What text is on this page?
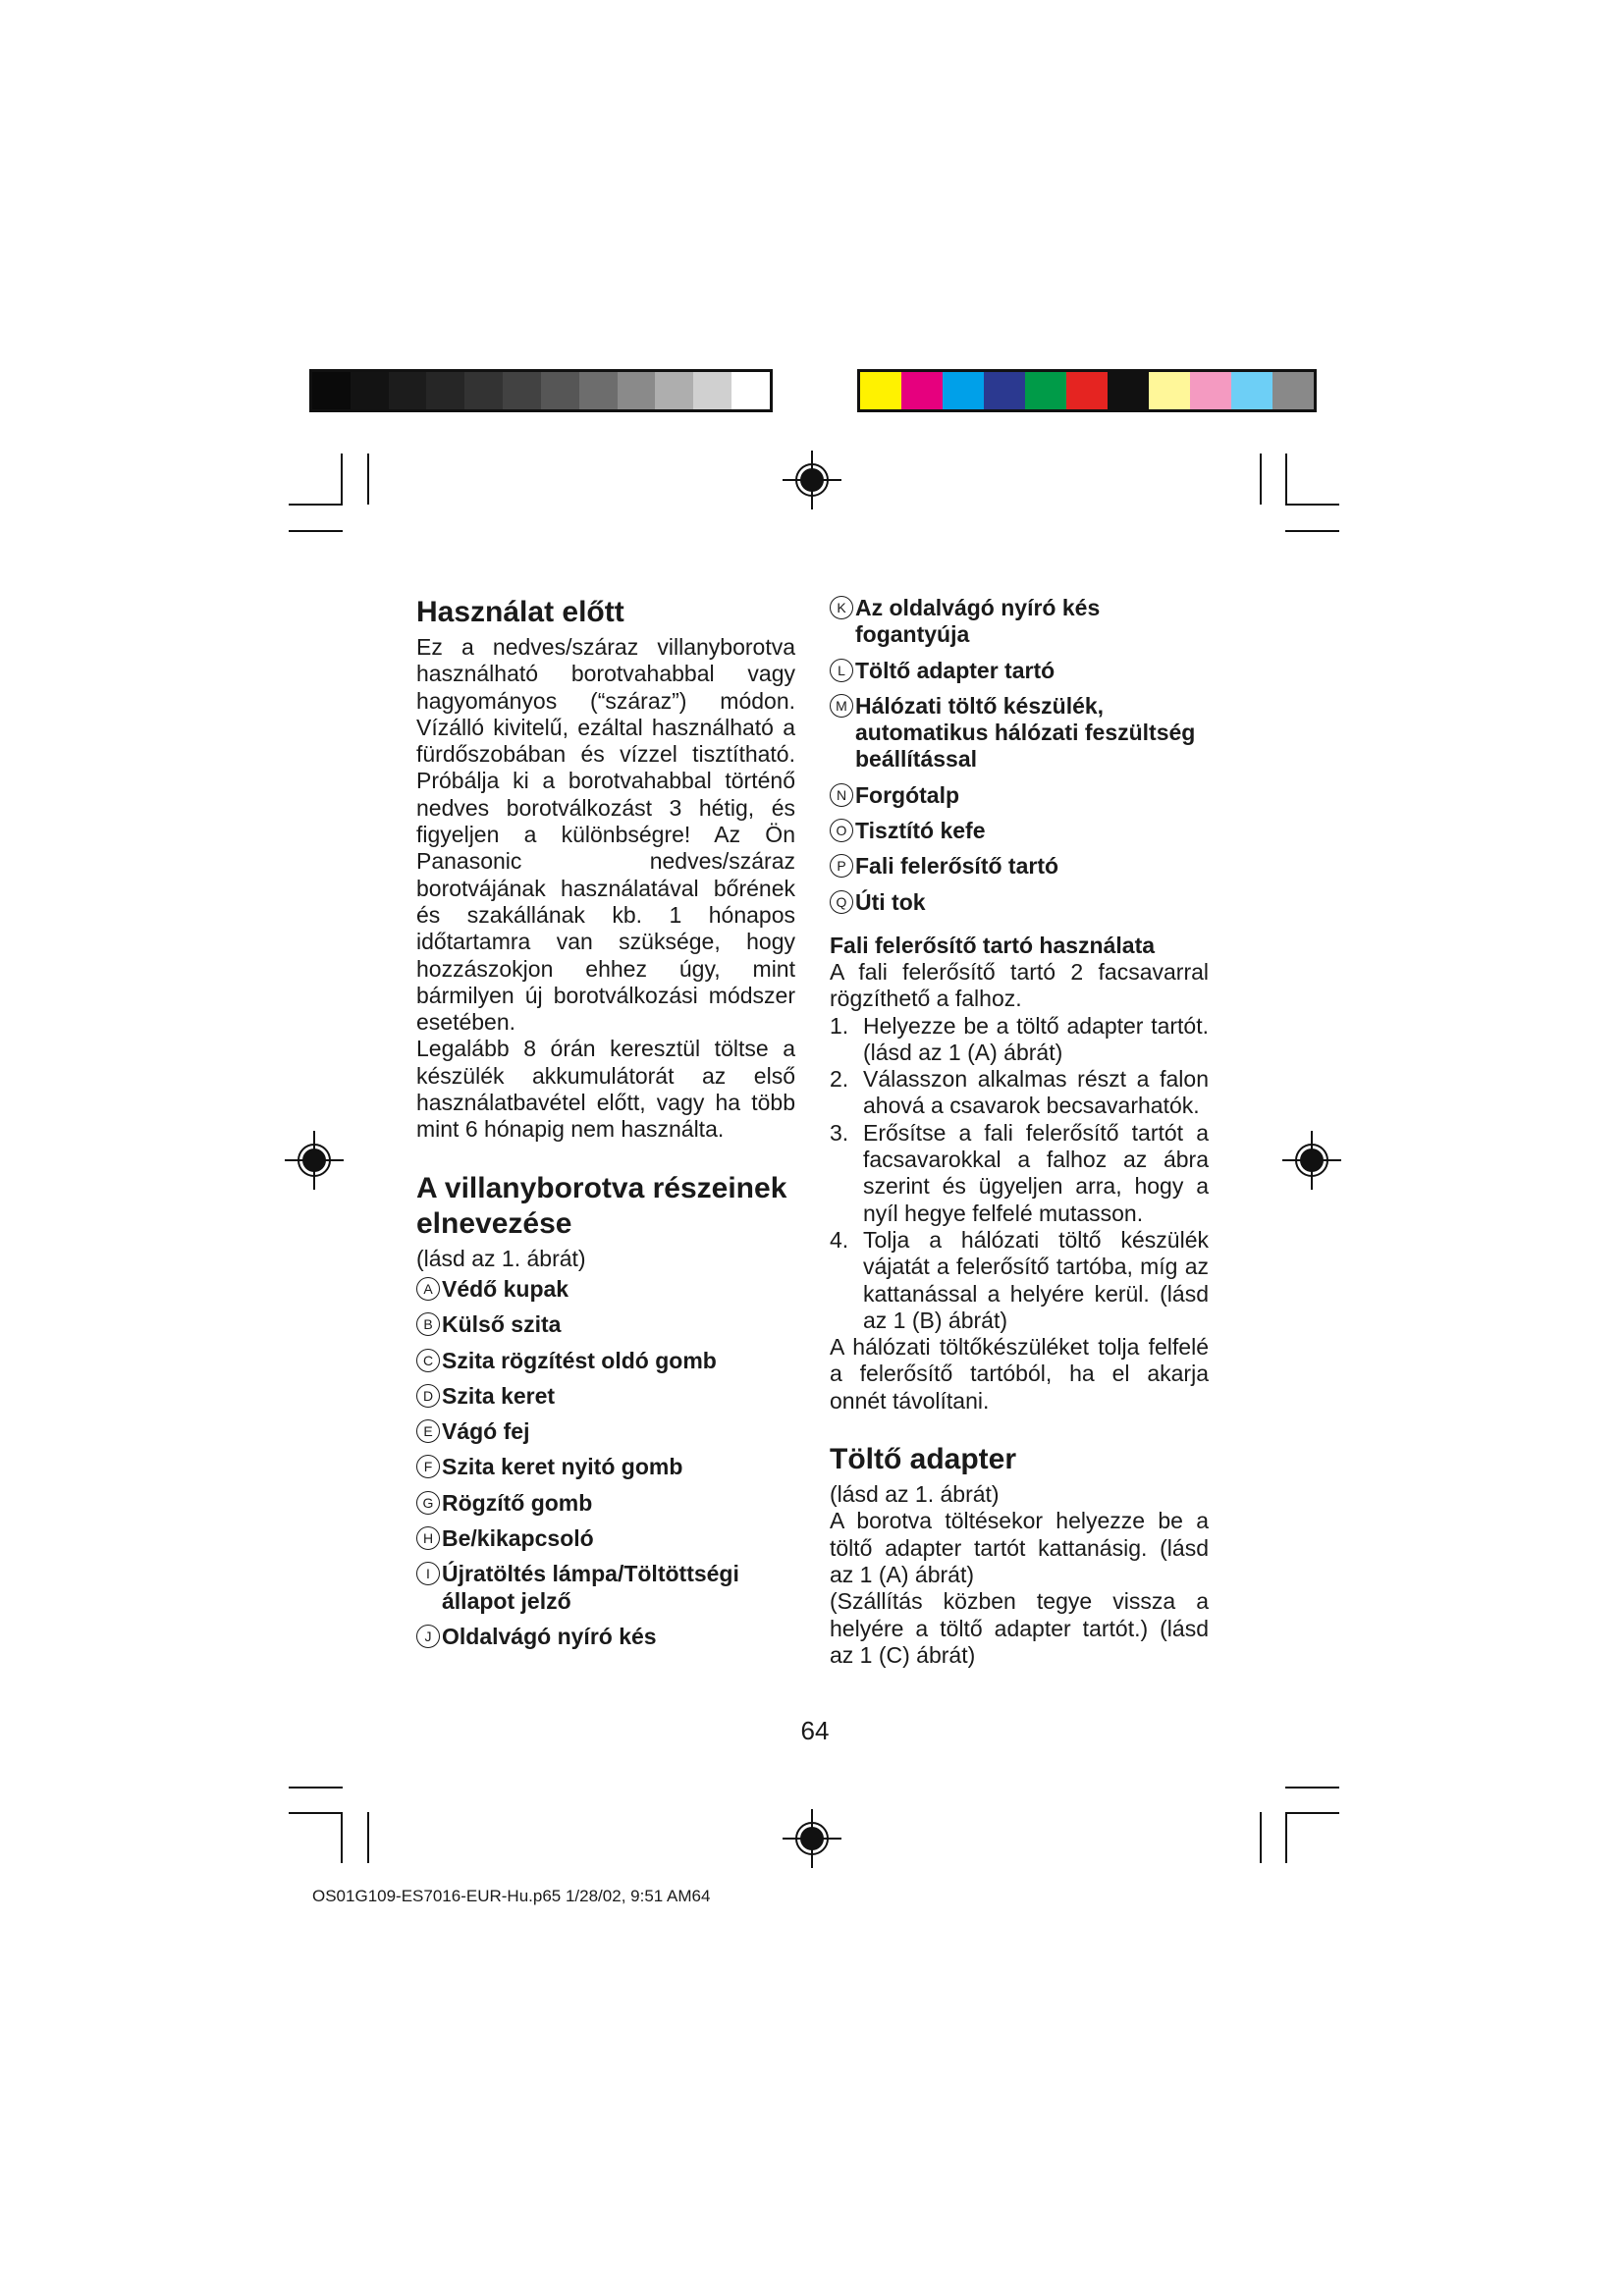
Használat előtt

Ez a nedves/száraz villanyborotva használható borotvahabbal vagy hagyományos (“száraz”) módon. Vízálló kivitelű, ezáltal használható a fürdőszobában és vízzel tisztítható. Próbálja ki a borotvahabbal történő nedves borotválkozást 3 hétig, és figyeljen a különbségre! Az Ön Panasonic nedves/száraz borotvájának használatával bőrének és szakállának kb. 1 hónapos időtartamra van szüksége, hogy hozzászokjon ehhez úgy, mint bármilyen új borotválkozási módszer esetében.

Legalább 8 órán keresztül töltse a készülék akkumulátorát az első használatbavétel előtt, vagy ha több mint 6 hónapig nem használta.

A villanyborotva részeinek elnevezése

(lásd az 1. ábrát)

A Védő kupak
B Külső szita
C Szita rögzítést oldó gomb
D Szita keret
E Vágó fej
F Szita keret nyitó gomb
G Rögzítő gomb
H Be/kikapcsoló
I Újratöltés lámpa/Töltöttségi állapot jelző
J Oldalvágó nyíró kés
K Az oldalvágó nyíró kés fogantyúja
L Töltő adapter tartó
M Hálózati töltő készülék, automatikus hálózati feszültség beállítással
N Forgótalp
O Tisztító kefe
P Fali felerősítő tartó
Q Úti tok
Fali felerősítő tartó használata

A fali felerősítő tartó 2 facsavarral rögzíthető a falhoz.

1. Helyezze be a töltő adapter tartót. (lásd az 1 (A) ábrát)
2. Válasszon alkalmas részt a falon ahová a csavarok becsavarhatók.
3. Erősítse a fali felerősítő tartót a facsavarokkal a falhoz az ábra szerint és ügyeljen arra, hogy a nyíl hegye felfelé mutasson.
4. Tolja a hálózati töltő készülék vájatát a felerősítő tartóba, míg az kattanással a helyére kerül. (lásd az 1 (B) ábrát)

A hálózati töltőkészüléket tolja felfelé a felerősítő tartóból, ha el akarja onnét távolítani.

Töltő adapter

(lásd az 1. ábrát)

A borotva töltésekor helyezze be a töltő adapter tartót kattanásig. (lásd az 1 (A) ábrát)

(Szállítás közben tegye vissza a helyére a töltő adapter tartót.) (lásd az 1 (C) ábrát)

64
OS01G109-ES7016-EUR-Hu.p65 1/28/02, 9:51 AM64
